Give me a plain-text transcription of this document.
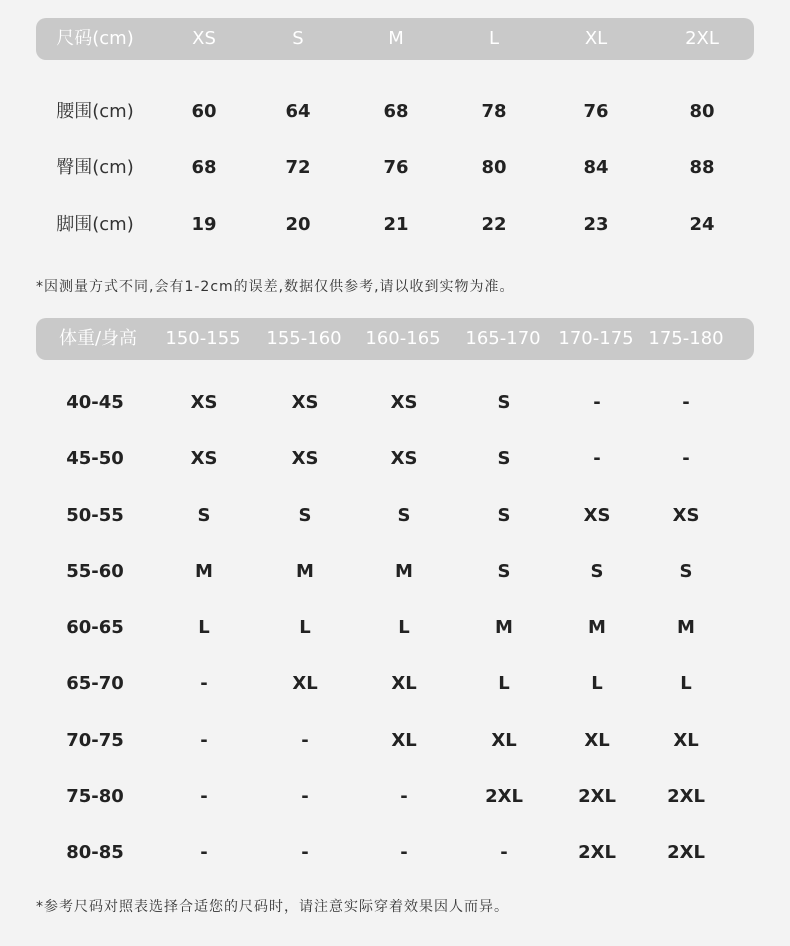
尺码(cm)	XS	S	M	L	XL	2XL
腰围(cm)	60	64	68	78	76	80
臀围(cm)	68	72	76	80	84	88
脚围(cm)	19	20	21	22	23	24
*因测量方式不同,会有1-2cm的误差,数据仅供参考,请以收到实物为准。
体重/身高 150-155 155-160 160-165 165-170 170-175 175-180
40-45	XS	XS	XS	S	-	-
45-50	XS	XS	XS	S	-	-
50-55	S	S	S	S	XS	XS
55-60	M	M	M	S	S	S
60-65	L	L	L	M	M	M
65-70	-	XL	XL	L	L	L
70-75	-	-	XL	XL	XL	XL
75-80	-	-	-	2XL	2XL	2XL
80-85	-	-	-	-	2XL	2XL
*参考尺码对照表选择合适您的尺码时，请注意实际穿着效果因人而异。
